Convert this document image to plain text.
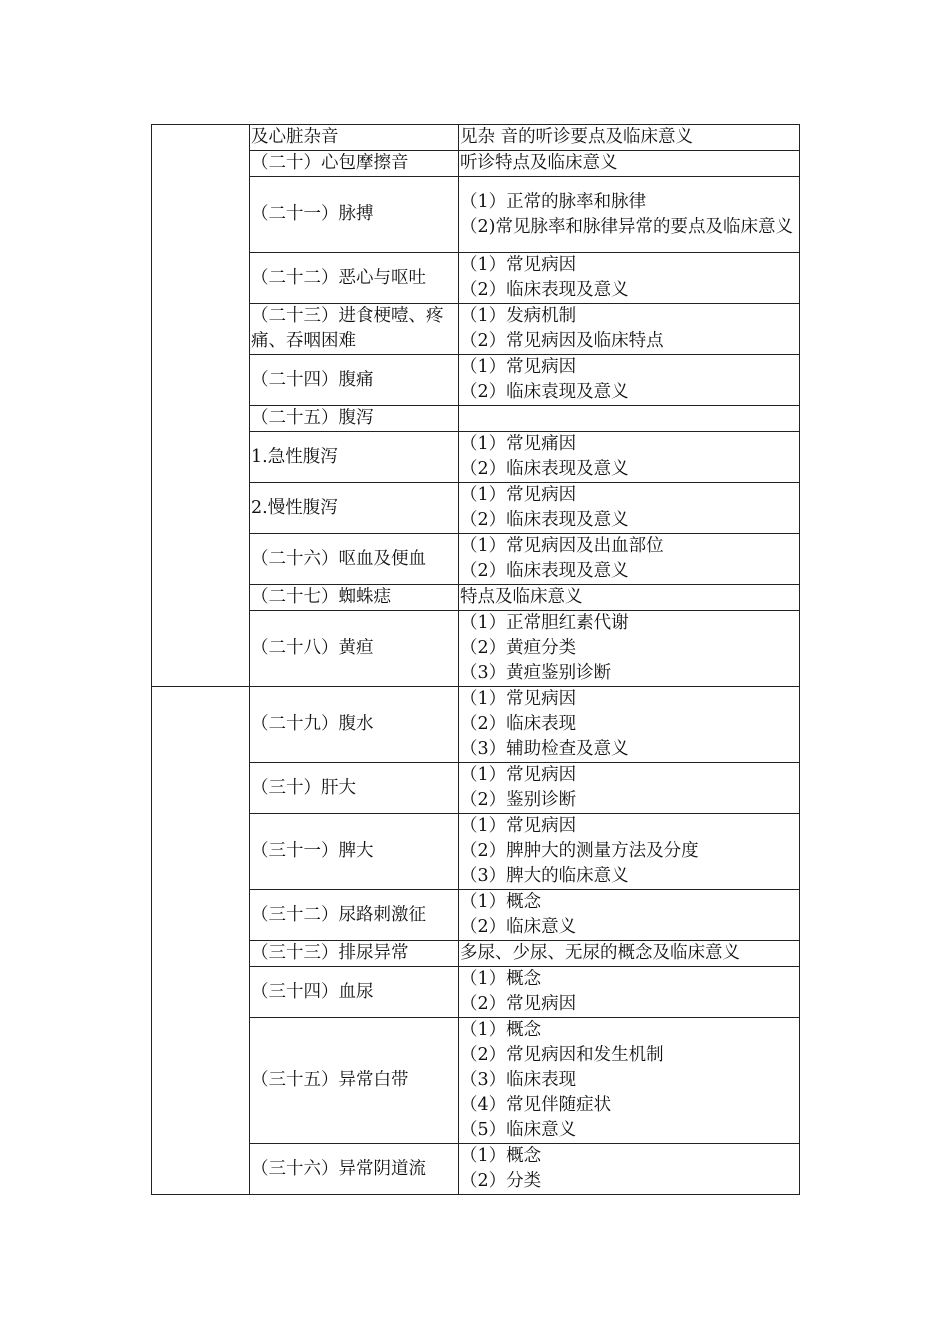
	及心脏杂音	见杂 音的听诊要点及临床意义

	（二十）心包摩擦音	听诊特点及临床意义

	（二十一）脉搏	（1）正常的脉率和脉律
（2)常见脉率和脉律异常的要点及临床意义

	（二十二）恶心与呕吐	（1）常见病因
（2）临床表现及意义

	（二十三）进食梗噎、疼痛、吞咽困难	（1）发病机制
（2）常见病因及临床特点

	（二十四）腹痛	（1）常见病因
（2）临床袁现及意义

	（二十五）腹泻	

	1.急性腹泻	（1）常见痛因
（2）临床表现及意义

	2.慢性腹泻	（1）常见病因
（2）临床表现及意义

	（二十六）呕血及便血	（1）常见病因及出血部位
（2）临床表现及意义

	（二十七）蜘蛛痣	特点及临床意义

	（二十八）黄疸	（1）正常胆红素代谢
（2）黄疸分类
（3）黄疸鉴别诊断

	（二十九）腹水	（1）常见病因
（2）临床表现
（3）辅助检查及意义

	（三十）肝大	（1）常见病因
（2）鉴别诊断

	（三十一）脾大	（1）常见病因
（2）脾肿大的测量方法及分度
（3）脾大的临床意义

	（三十二）尿路刺激征	（1）概念
（2）临床意义

	（三十三）排尿异常	多尿、少尿、无尿的概念及临床意义

	（三十四）血尿	（1）概念
（2）常见病因

	（三十五）异常白带	（1）概念
（2）常见病因和发生机制
（3）临床表现
（4）常见伴随症状
（5）临床意义

	（三十六）异常阴道流	（1）概念
（2）分类
